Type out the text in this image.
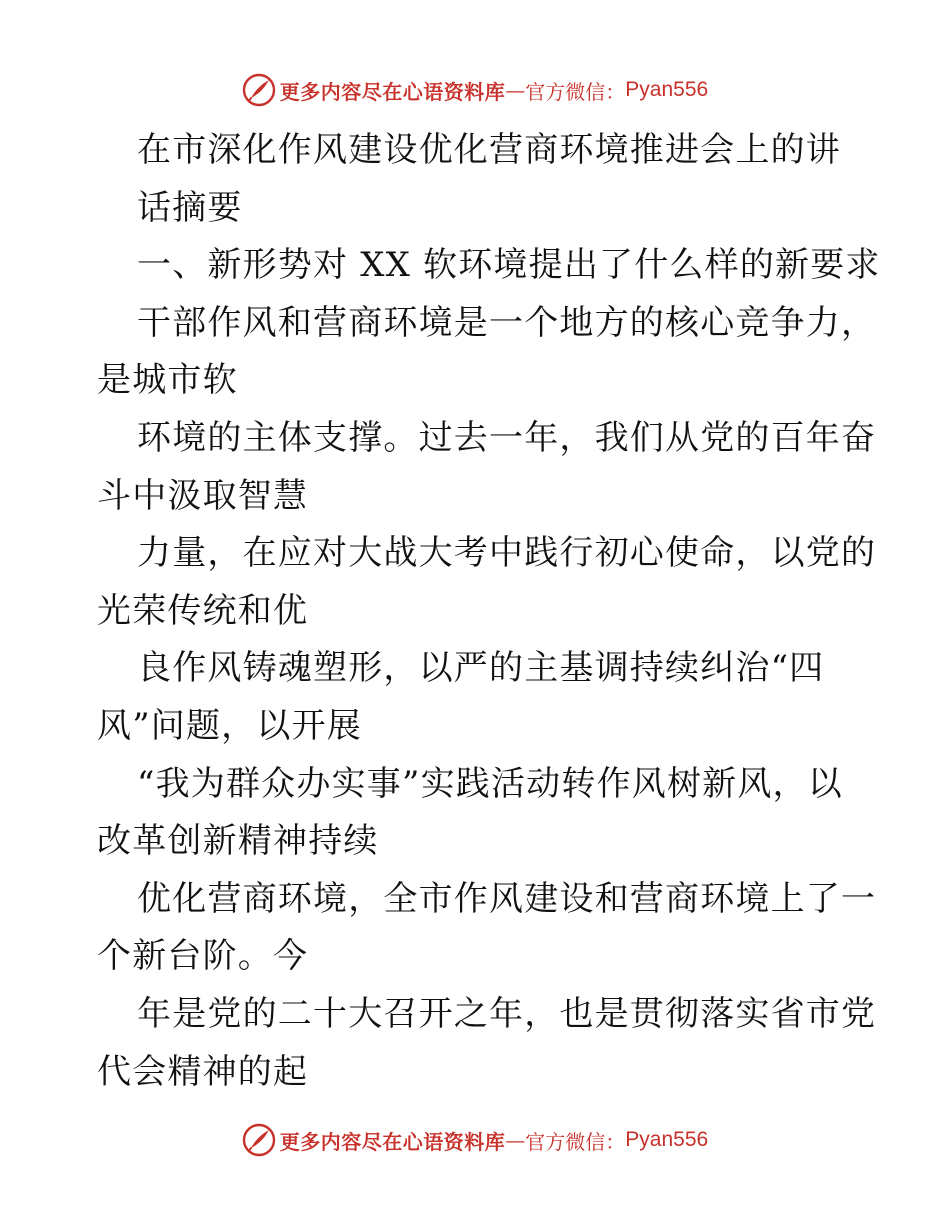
更多内容尽在心语资料库 — 官方微信： Pyan556
在市深化作风建设优化营商环境推进会上的讲
话摘要
一、新形势对 XX 软环境提出了什么样的新要求
干部作风和营商环境是一个地方的核心竞争力，
是城市软
环境的主体支撑。过去一年，我们从党的百年奋
斗中汲取智慧
力量，在应对大战大考中践行初心使命，以党的
光荣传统和优
良作风铸魂塑形，以严的主基调持续纠治“四
风”问题，以开展
“我为群众办实事”实践活动转作风树新风，以
改革创新精神持续
优化营商环境，全市作风建设和营商环境上了一
个新台阶。今
年是党的二十大召开之年，也是贯彻落实省市党
代会精神的起
更多内容尽在心语资料库 — 官方微信： Pyan556
